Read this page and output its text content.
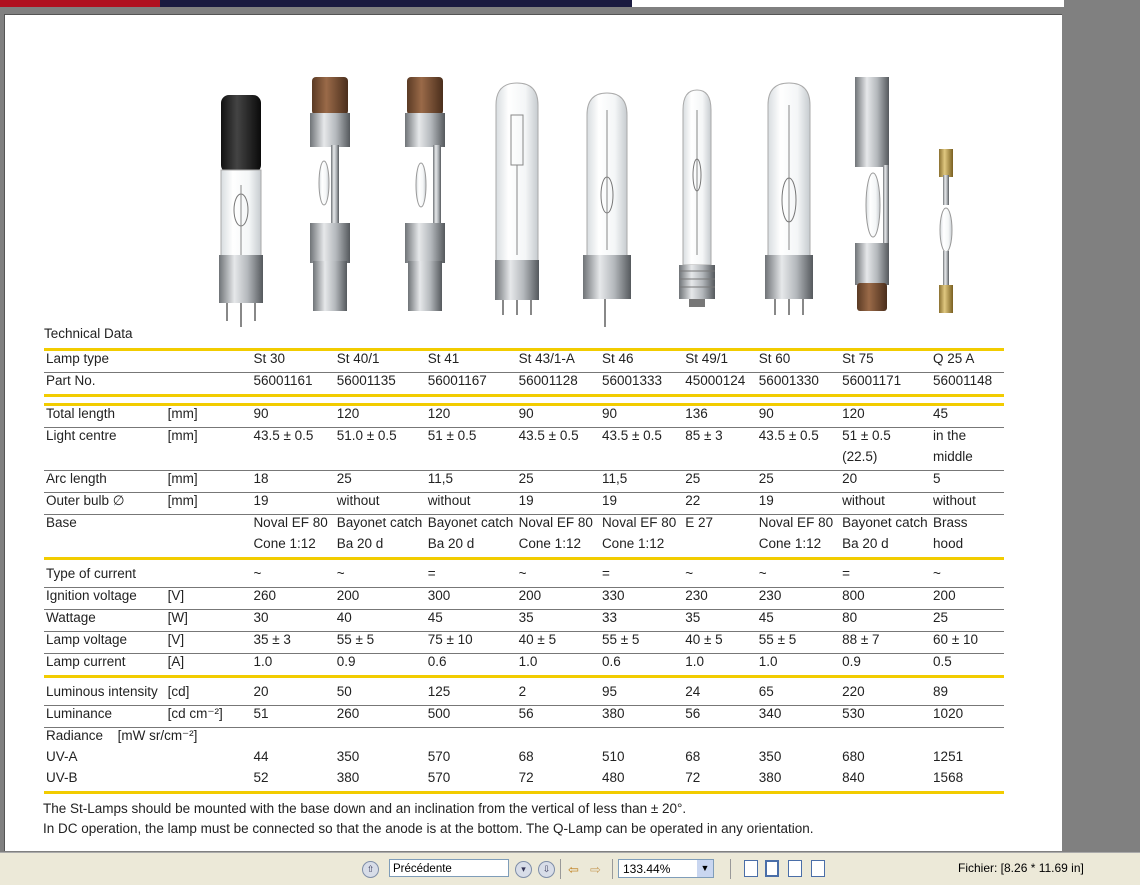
Technical Data
Lamp type		St 30	St 40/1	St 41	St 43/1-A	St 46	St 49/1	St 60	St 75	Q 25 A
Part No.		56001161	56001135	56001167	56001128	56001333	45000124	56001330	56001171	56001148

Total length	[mm]	90	120	120	90	90	136	90	120	45
Light centre	[mm]	43.5 ± 0.5	51.0 ± 0.5	51 ± 0.5	43.5 ± 0.5	43.5 ± 0.5	85 ± 3	43.5 ± 0.5	51 ± 0.5	in the
									(22.5)	middle
Arc length	[mm]	18	25	11,5	25	11,5	25	25	20	5
Outer bulb ∅	[mm]	19	without	without	19	19	22	19	without	without
Base		Noval EF 80	Bayonet catch	Bayonet catch	Noval EF 80	Noval EF 80	E 27	Noval EF 80	Bayonet catch	Brass
		Cone 1:12	Ba 20 d	Ba 20 d	Cone 1:12	Cone 1:12		Cone 1:12	Ba 20 d	hood

Type of current		~	~	=	~	=	~	~	=	~
Ignition voltage	[V]	260	200	300	200	330	230	230	800	200
Wattage	[W]	30	40	45	35	33	35	45	80	25
Lamp voltage	[V]	35 ± 3	55 ± 5	75 ± 10	40 ± 5	55 ± 5	40 ± 5	55 ± 5	88 ± 7	60 ± 10
Lamp current	[A]	1.0	0.9	0.6	1.0	0.6	1.0	1.0	0.9	0.5

Luminous intensity	[cd]	20	50	125	2	95	24	65	220	89
Luminance	[cd cm⁻²]	51	260	500	56	380	56	340	530	1020
Radiance	[mW sr/cm⁻²]									
UV-A		44	350	570	68	510	68	350	680	1251
UV-B		52	380	570	72	480	72	380	840	1568
The St-Lamps should be mounted with the base down and an inclination from the vertical of less than ± 20°.
In DC operation, the lamp must be connected so that the anode is at the bottom. The Q-Lamp can be operated in any orientation.
⇧	Précédente	▾	⇩	⇦ ⇨	133.44%	▼	Fichier: [8.26 * 11.69 in]
